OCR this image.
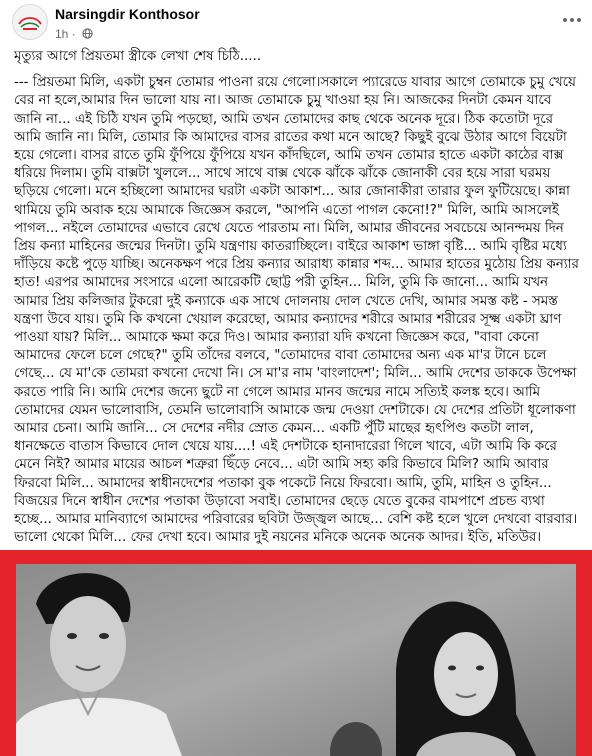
Narsingdir Konthosor
1h ·

মৃত্যুর আগে প্রিয়তমা স্ত্রীকে লেখা শেষ চিঠি.....

--- প্রিয়তমা মিলি, একটা চুম্বন তোমার পাওনা রয়ে গেলো।সকালে প্যারেডে যাবার আগে তোমাকে চুমু খেয়ে বের না হলে,আমার দিন ভালো যায় না। আজ তোমাকে চুমু খাওয়া হয় নি। আজকের দিনটা কেমন যাবে জানি না... এই চিঠি যখন তুমি পড়ছো, আমি তখন তোমাদের কাছ থেকে অনেক দূরে। ঠিক কতোটা দূরে আমি জানি না। মিলি, তোমার কি আমাদের বাসর রাতের কথা মনে আছে? কিছুই বুঝে উঠার আগে বিয়েটা হয়ে গেলো। বাসর রাতে তুমি ফুঁপিয়ে ফুঁপিয়ে যখন কাঁদছিলে, আমি তখন তোমার হাতে একটা কাঠের বাক্স ধরিয়ে দিলাম। তুমি বাক্সটা খুললে... সাথে সাথে বাক্স থেকে ঝাঁকে ঝাঁকে জোনাকী বের হয়ে সারা ঘরময় ছড়িয়ে গেলো। মনে হচ্ছিলো আমাদের ঘরটা একটা আকাশ... আর জোনাকীরা তারার ফুল ফুটিয়েছে। কান্না থামিয়ে তুমি অবাক হয়ে আমাকে জিজ্ঞেস করলে, "আপনি এতো পাগল কেনো!?" মিলি, আমি আসলেই পাগল... নইলে তোমাদের এভাবে রেখে যেতে পারতাম না। মিলি, আমার জীবনের সবচেয়ে আনন্দময় দিন প্রিয় কন্যা মাহিনের জন্মের দিনটা। তুমি যন্ত্রণায় কাতরাচ্ছিলে। বাইরে আকাশ ভাঙ্গা বৃষ্টি... আমি বৃষ্টির মধ্যে দাঁড়িয়ে কষ্টে পুড়ে যাচ্ছি। অনেকক্ষণ পরে প্রিয় কন্যার আরাধ্য কান্নার শব্দ... আমার হাতের মুঠোয় প্রিয় কন্যার হাত! এরপর আমাদের সংসারে এলো আরেকটি ছোট্ট পরী তুহিন... মিলি, তুমি কি জানো... আমি যখন আমার প্রিয় কলিজার টুকরো দুই কন্যাকে এক সাথে দোলনায় দোল খেতে দেখি, আমার সমস্ত কষ্ট - সমস্ত যন্ত্রণা উবে যায়। তুমি কি কখনো খেয়াল করেছো, আমার কন্যাদের শরীরে আমার শরীরের সূক্ষ্ম একটা ঘ্রাণ পাওয়া যায়? মিলি... আমাকে ক্ষমা করে দিও। আমার কন্যারা যদি কখনো জিজ্ঞেস করে, "বাবা কেনো আমাদের ফেলে চলে গেছে?" তুমি তাঁদের বলবে, "তোমাদের বাবা তোমাদের অন্য এক মা'র টানে চলে গেছে... যে মা'কে তোমরা কখনো দেখো নি। সে মা'র নাম 'বাংলাদেশ'; মিলি... আমি দেশের ডাককে উপেক্ষা করতে পারি নি। আমি দেশের জন্যে ছুটে না গেলে আমার মানব জন্মের নামে সত্যিই কলঙ্ক হবে। আমি তোমাদের যেমন ভালোবাসি, তেমনি ভালোবাসি আমাকে জন্ম দেওয়া দেশটাকে। যে দেশের প্রতিটা ধূলোকণা আমার চেনা। আমি জানি... সে দেশের নদীর স্রোত কেমন... একটি পুঁটি মাছের হৃৎপিণ্ড কতটা লাল, ধানক্ষেতে বাতাস কিভাবে দোল খেয়ে যায়....! এই দেশটাকে হানাদারেরা গিলে খাবে, এটা আমি কি করে মেনে নিই? আমার মায়ের আচল শত্রুরা ছিঁড়ে নেবে... এটা আমি সহ্য করি কিভাবে মিলি? আমি আবার ফিরবো মিলি... আমাদের স্বাধীনদেশের পতাকা বুক পকেটে নিয়ে ফিরবো। আমি, তুমি, মাহিন ও তুহিন... বিজয়ের দিনে স্বাধীন দেশের পতাকা উড়াবো সবাই। তোমাদের ছেড়ে যেতে বুকের বামপাশে প্রচন্ড ব্যথা হচ্ছে... আমার মানিব্যাগে আমাদের পরিবারের ছবিটা উজ্জ্বল আছে... বেশি কষ্ট হলে খুলে দেখবো বারবার। ভালো থেকো মিলি... ফের দেখা হবে। আমার দুই নয়নের মনিকে অনেক অনেক আদর। ইতি, মতিউর।
